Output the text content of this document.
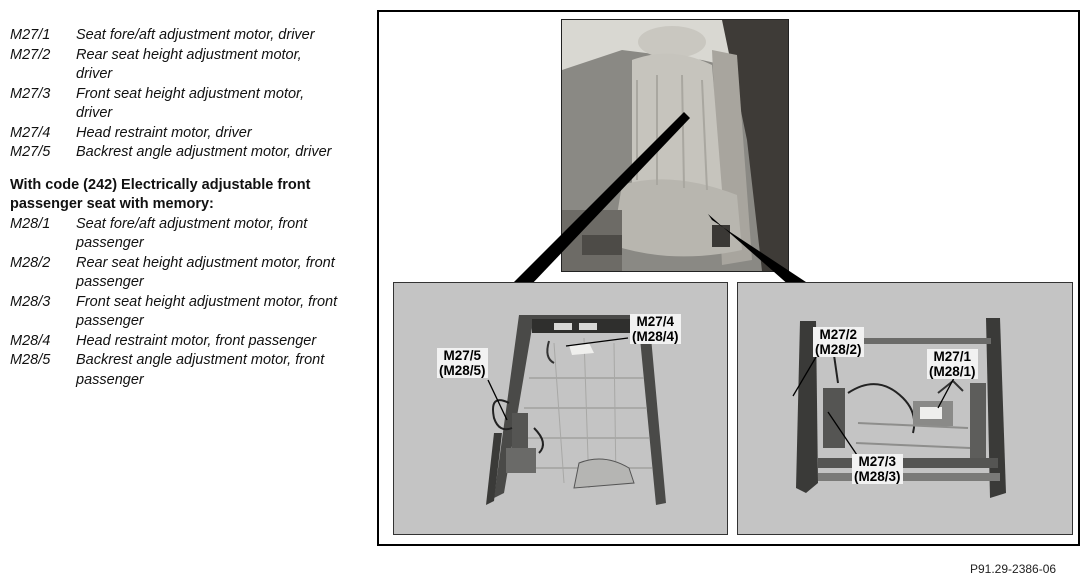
M27/1	Seat fore/aft adjustment motor, driver
M27/2	Rear seat height adjustment motor, driver
M27/3	Front seat height adjustment motor, driver
M27/4	Head restraint motor, driver
M27/5	Backrest angle adjustment motor, driver
With code (242) Electrically adjustable front passenger seat with memory:
M28/1	Seat fore/aft adjustment motor, front passenger
M28/2	Rear seat height adjustment motor, front passenger
M28/3	Front seat height adjustment motor, front passenger
M28/4	Head restraint motor, front passenger
M28/5	Backrest angle adjustment motor, front passenger
M27/4
(M28/4)
M27/5
(M28/5)
M27/2
(M28/2)	M27/1
(M28/1)
M27/3
(M28/3)
P91.29-2386-06
